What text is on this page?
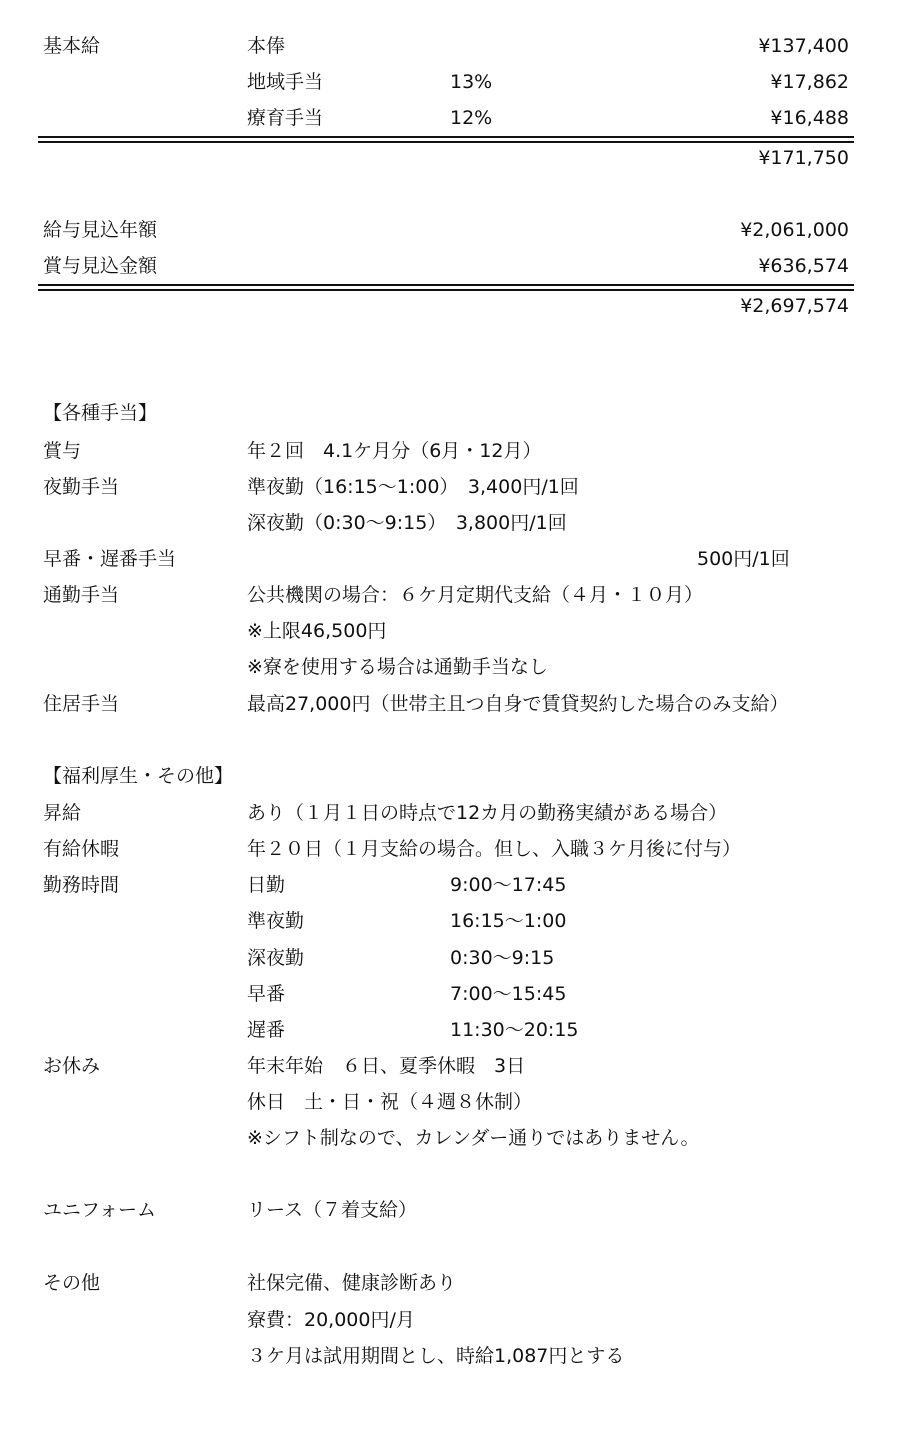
基本給	本俸	¥137,400
地域手当	13%	¥17,862
療育手当	12%	¥16,488
¥171,750
給与見込年額	¥2,061,000
賞与見込金額	¥636,574
¥2,697,574
【各種手当】
賞与	年２回　4.1ケ月分（6月・12月）
夜勤手当	準夜勤（16:15～1:00）　3,400円/1回
深夜勤（0:30～9:15）　3,800円/1回
早番・遅番手当	500円/1回
通勤手当	公共機関の場合：６ケ月定期代支給（４月・１０月）
※上限46,500円
※寮を使用する場合は通勤手当なし
住居手当	最高27,000円（世帯主且つ自身で賃貸契約した場合のみ支給）
【福利厚生・その他】
昇給	あり（１月１日の時点で12カ月の勤務実績がある場合）
有給休暇	年２０日（１月支給の場合。但し、入職３ケ月後に付与）
勤務時間	日勤	9:00～17:45
準夜勤	16:15～1:00
深夜勤	0:30～9:15
早番	7:00～15:45
遅番	11:30～20:15
お休み	年末年始　６日、夏季休暇　3日
休日　土・日・祝（４週８休制）
※シフト制なので、カレンダー通りではありません。
ユニフォーム	リース（７着支給）
その他	社保完備、健康診断あり
寮費：20,000円/月
３ケ月は試用期間とし、時給1,087円とする
